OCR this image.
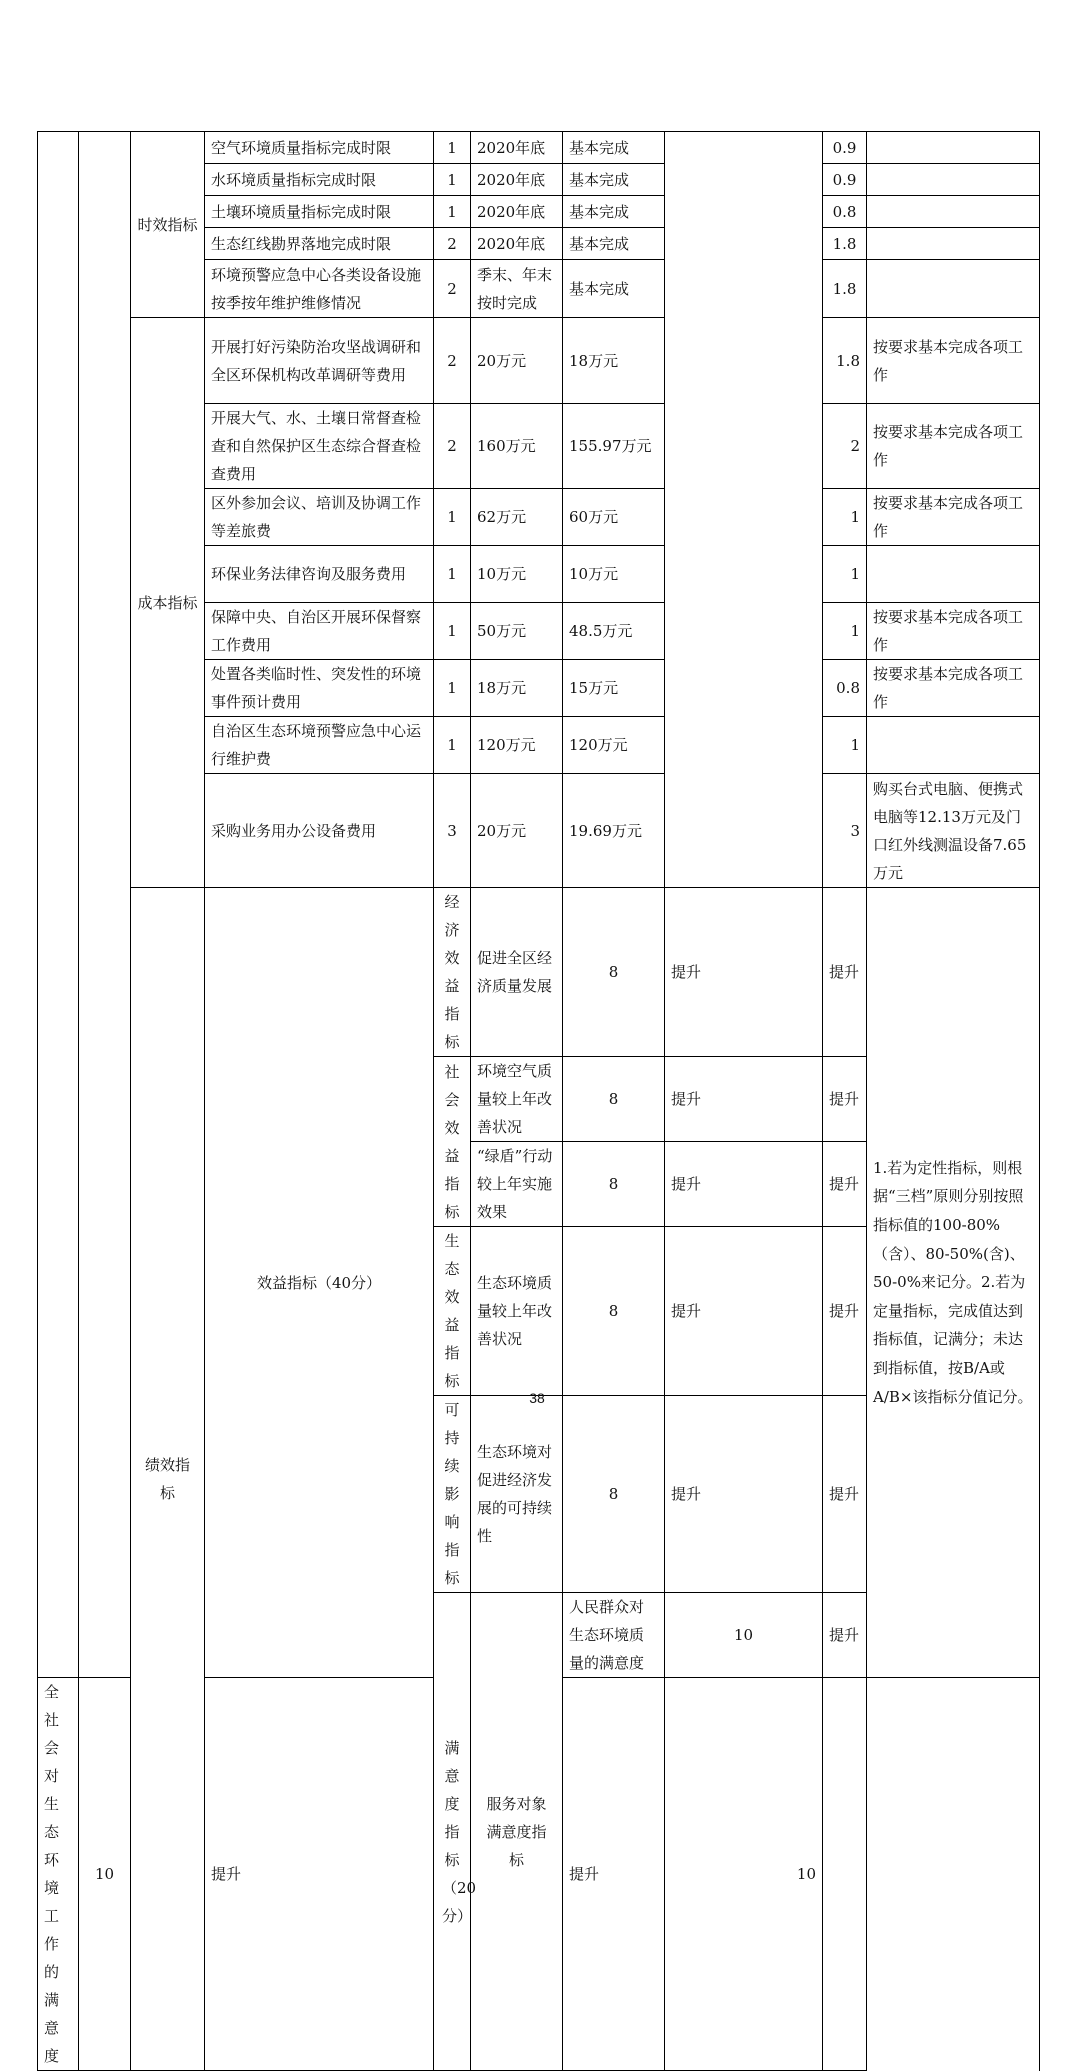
		时效指标	空气环境质量指标完成时限	1	2020年底	基本完成		0.9		
			水环境质量指标完成时限	1	2020年底	基本完成		0.9		
			土壤环境质量指标完成时限	1	2020年底	基本完成		0.8		
			生态红线勘界落地完成时限	2	2020年底	基本完成		1.8		
			环境预警应急中心各类设备设施按季按年维护维修情况	2	季末、年末按时完成	基本完成		1.8		
		成本指标	开展打好污染防治攻坚战调研和全区环保机构改革调研等费用	2	20万元	18万元		1.8	按要求基本完成各项工作	
			开展大气、水、土壤日常督查检查和自然保护区生态综合督查检查费用	2	160万元	155.97万元		2	按要求基本完成各项工作	
			区外参加会议、培训及协调工作等差旅费	1	62万元	60万元		1	按要求基本完成各项工作	
			环保业务法律咨询及服务费用	1	10万元	10万元		1		
			保障中央、自治区开展环保督察工作费用	1	50万元	48.5万元		1	按要求基本完成各项工作	
			处置各类临时性、突发性的环境事件预计费用	1	18万元	15万元		0.8	按要求基本完成各项工作	
			自治区生态环境预警应急中心运行维护费	1	120万元	120万元		1		
			采购业务用办公设备费用	3	20万元	19.69万元		3	购买台式电脑、便携式电脑等12.13万元及门口红外线测温设备7.65万元	
		绩效指标	效益指标（40分）	经济效益指标	促进全区经济质量发展	8	提升	提升	1.若为定性指标，则根据“三档”原则分别按照指标值的100-80%（含）、80-50%(含)、50-0%来记分。2.若为定量指标，完成值达到指标值，记满分；未达到指标值，按B/A或A/B×该指标分值记分。		
				社会效益指标	环境空气质量较上年改善状况	8	提升	提升		
					“绿盾”行动较上年实施效果	8	提升	提升		
				生态效益指标	生态环境质量较上年改善状况	8	提升	提升		
				可持续影响指标	生态环境对促进经济发展的可持续性	8	提升	提升		
				满意度指标（20分）	服务对象满意度指标	人民群众对生态环境质量的满意度	10	提升				
全社会对生态环境工作的满意度	10		提升			提升	10			
38
